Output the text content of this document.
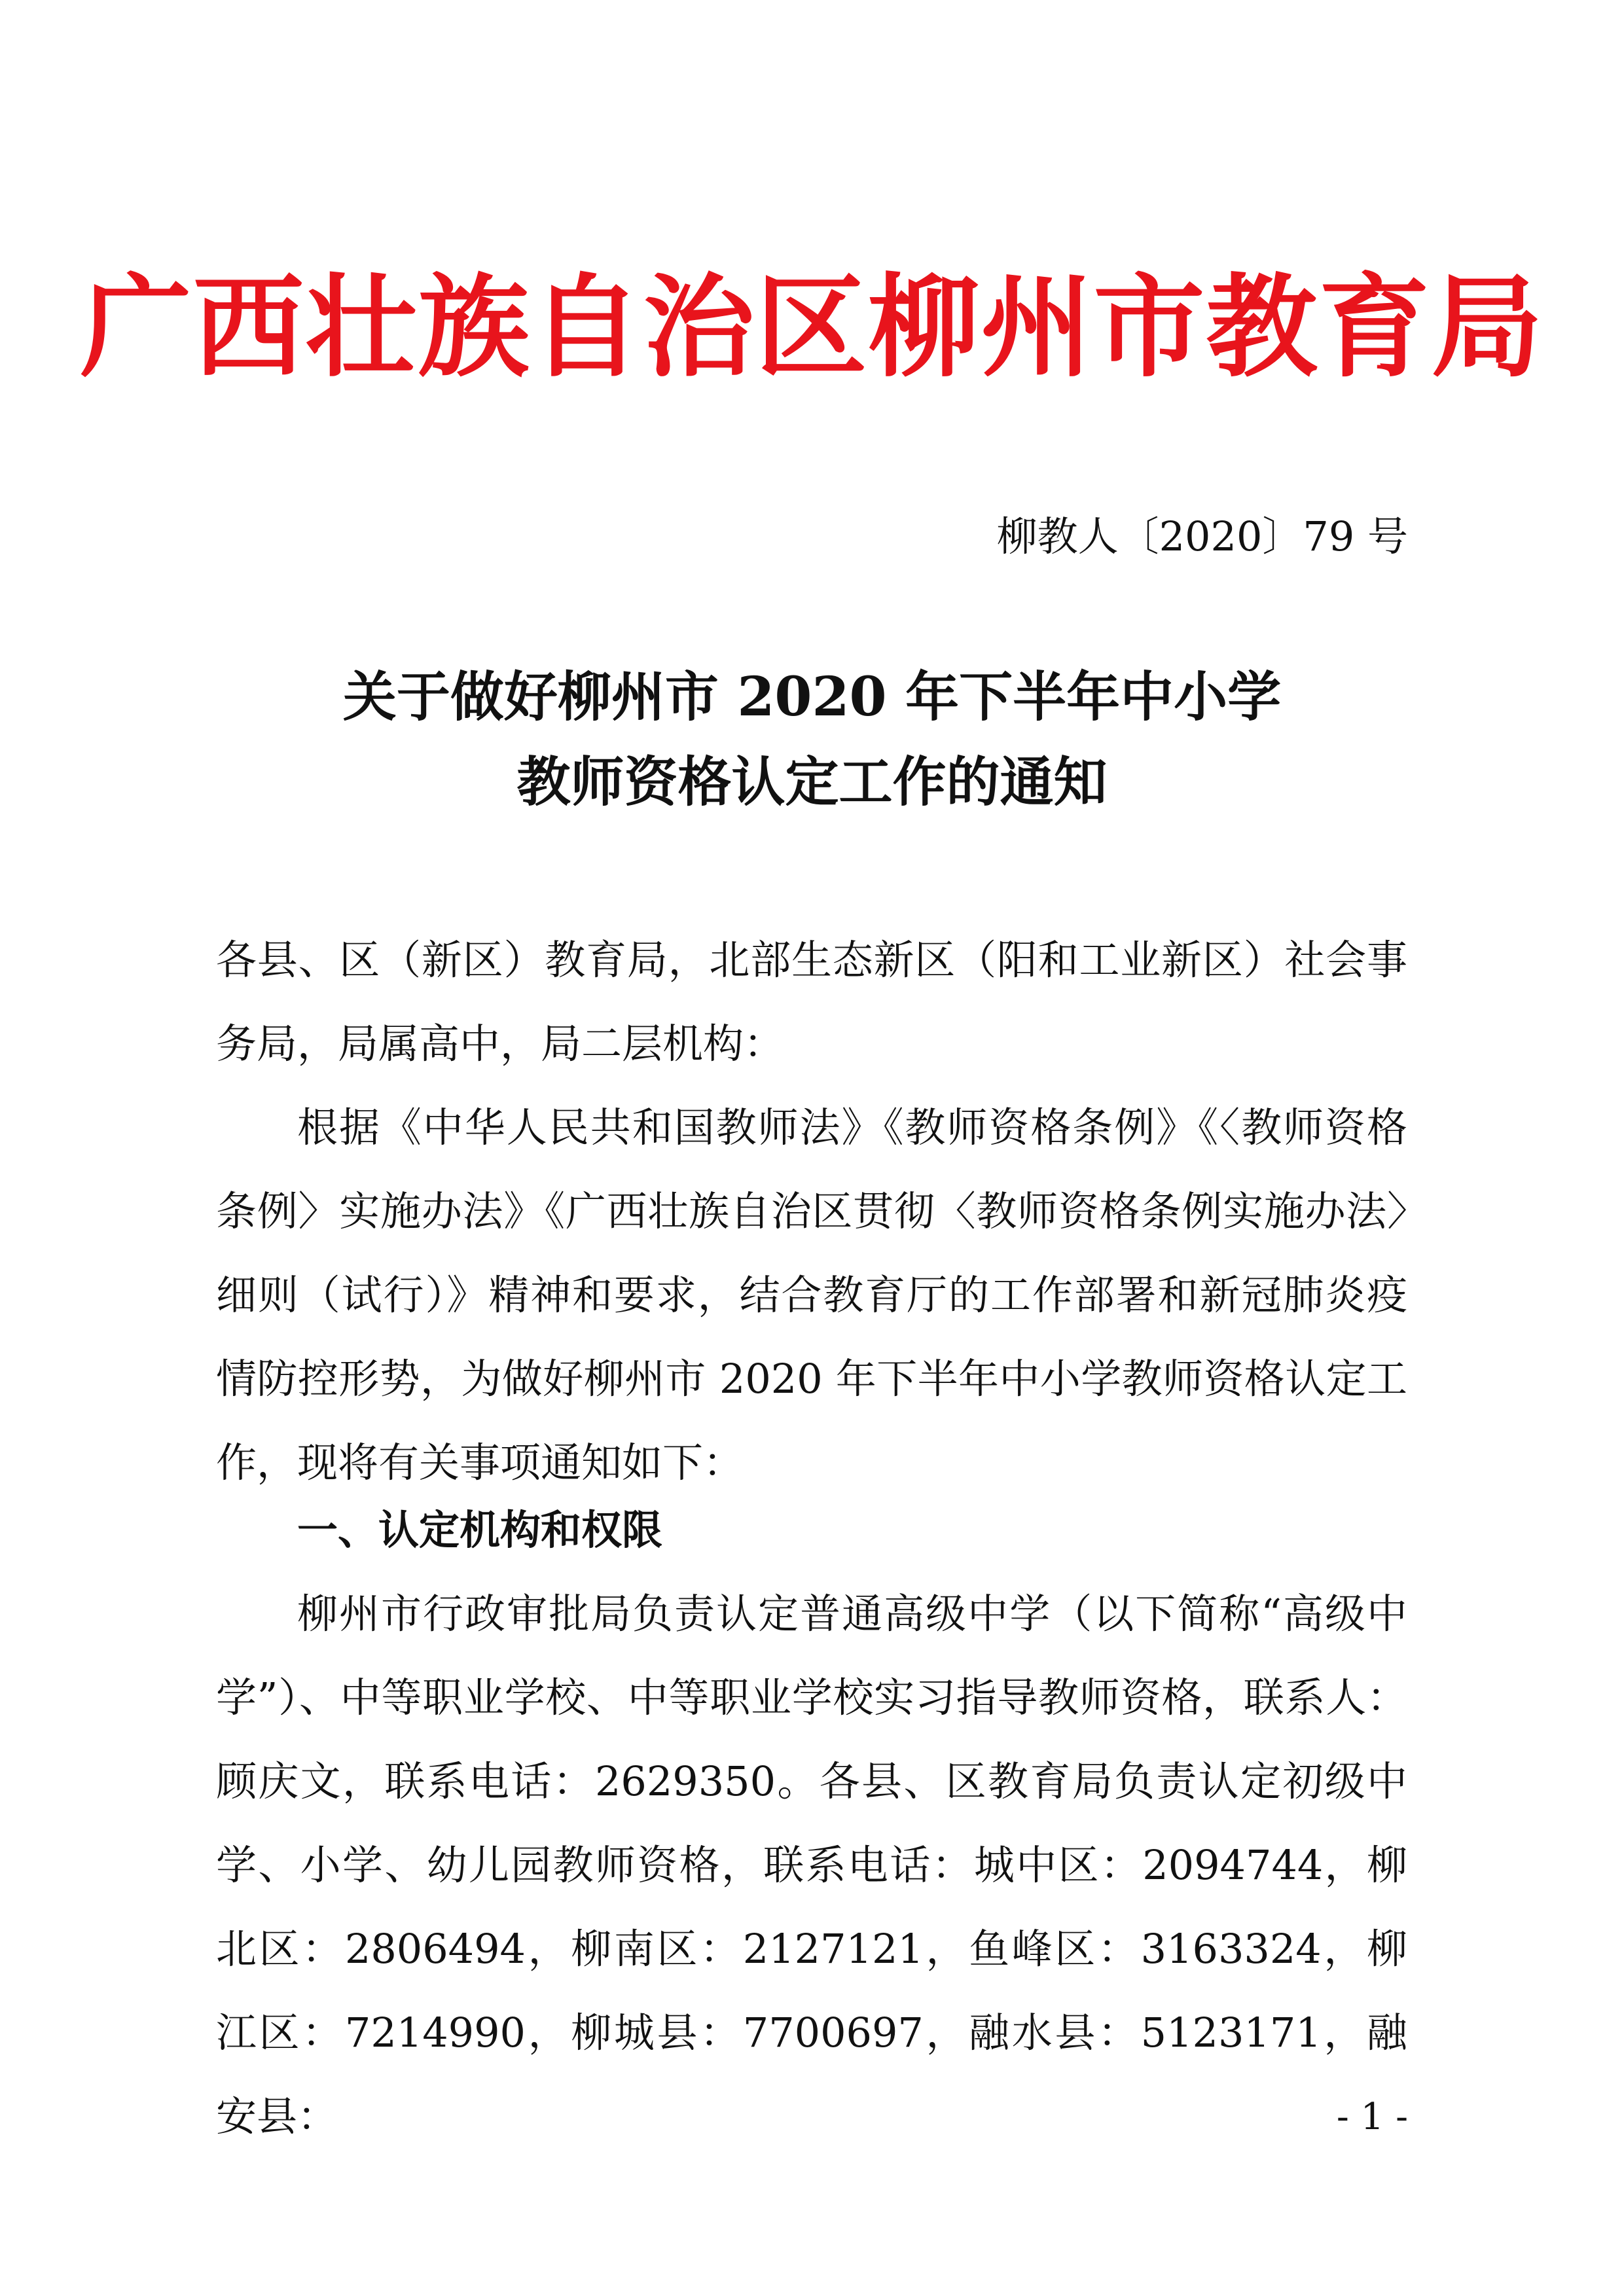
广西壮族自治区柳州市教育局
柳教人〔2020〕79 号
关于做好柳州市 2020 年下半年中小学
教师资格认定工作的通知
各县、区（新区）教育局，北部生态新区（阳和工业新区）社会事务局，局属高中，局二层机构：
根据《中华人民共和国教师法》《教师资格条例》《〈教师资格条例〉实施办法》《广西壮族自治区贯彻〈教师资格条例实施办法〉细则（试行）》精神和要求，结合教育厅的工作部署和新冠肺炎疫情防控形势，为做好柳州市 2020 年下半年中小学教师资格认定工作，现将有关事项通知如下：
一、认定机构和权限
柳州市行政审批局负责认定普通高级中学（以下简称“高级中学”）、中等职业学校、中等职业学校实习指导教师资格，联系人：顾庆文，联系电话：2629350。各县、区教育局负责认定初级中学、小学、幼儿园教师资格，联系电话：城中区：2094744，柳北区：2806494，柳南区：2127121，鱼峰区：3163324，柳江区：7214990，柳城县：7700697，融水县：5123171，融安县：	- 1 -
